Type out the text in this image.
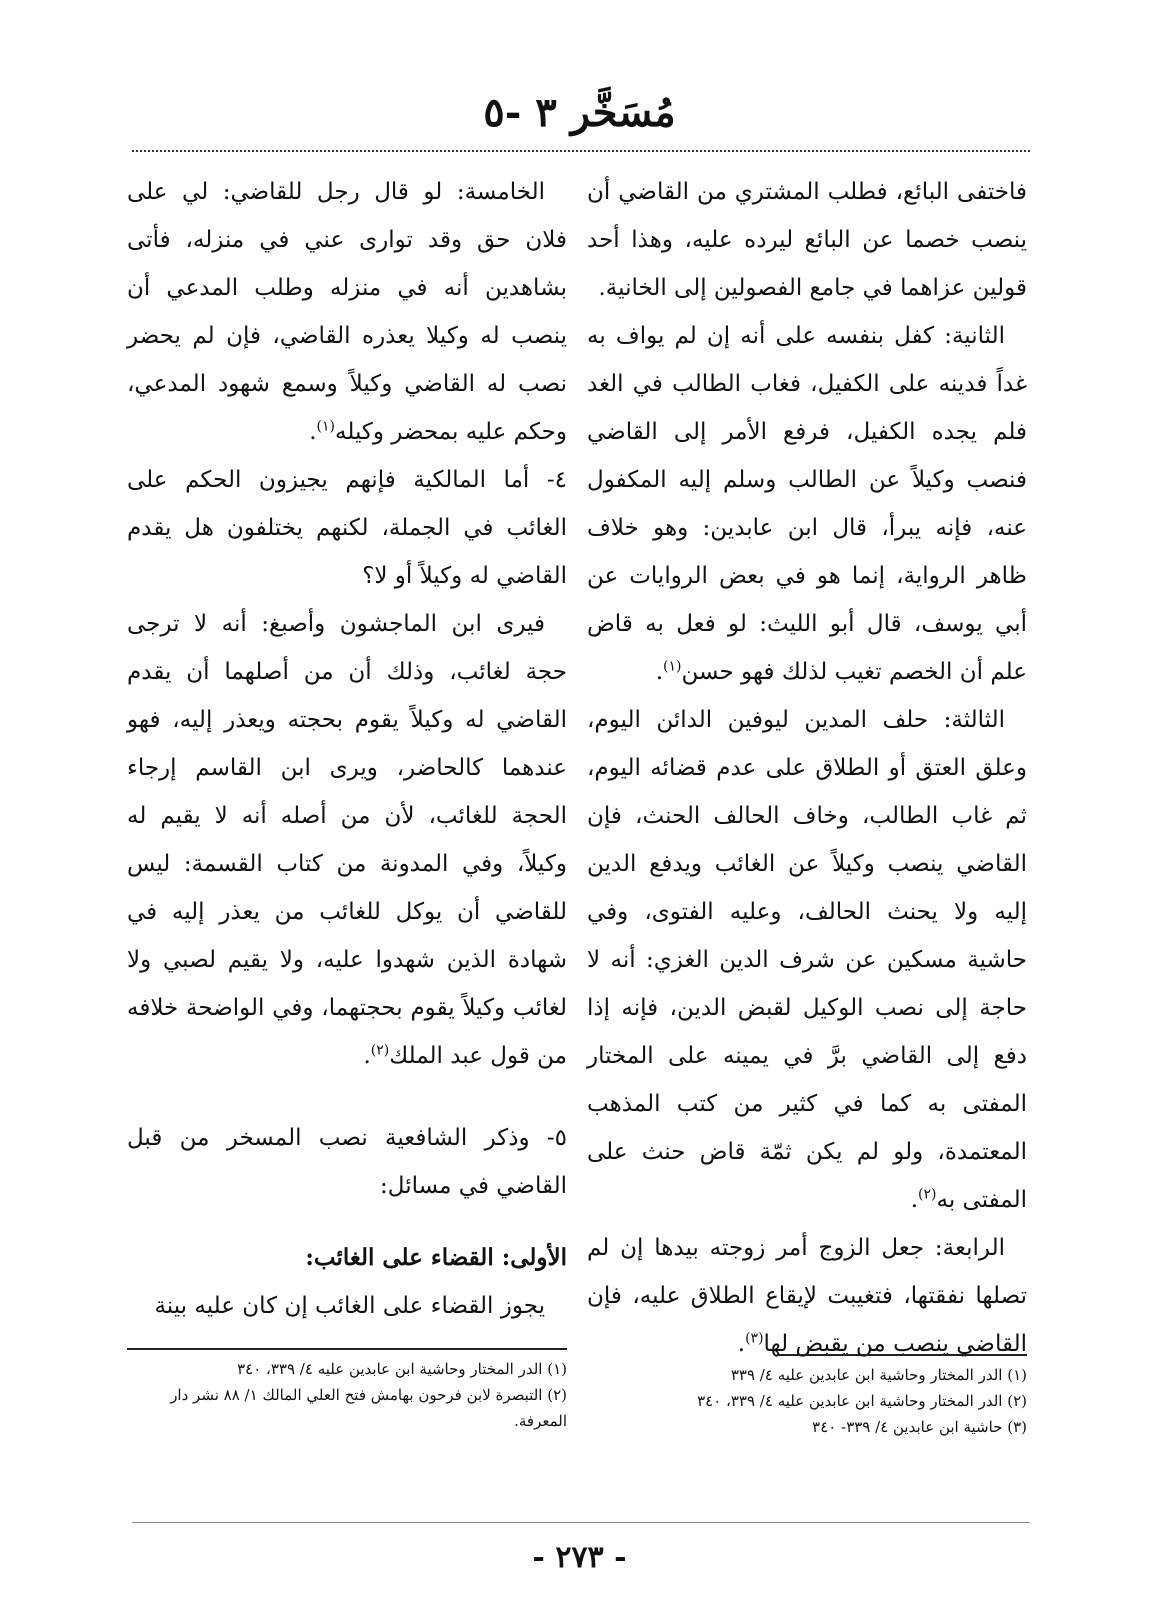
مُسَخَّر ٣ -٥

فاختفى البائع، فطلب المشتري من القاضي أن ينصب خصما عن البائع ليرده عليه، وهذا أحد قولين عزاهما في جامع الفصولين إلى الخانية.

الثانية: كفل بنفسه على أنه إن لم يواف به غداً فدينه على الكفيل، فغاب الطالب في الغد فلم يجده الكفيل، فرفع الأمر إلى القاضي فنصب وكيلاً عن الطالب وسلم إليه المكفول عنه، فإنه يبرأ، قال ابن عابدين: وهو خلاف ظاهر الرواية، إنما هو في بعض الروايات عن أبي يوسف، قال أبو الليث: لو فعل به قاض علم أن الخصم تغيب لذلك فهو حسن$^{(١)}$.

الثالثة: حلف المدين ليوفين الدائن اليوم، وعلق العتق أو الطلاق على عدم قضائه اليوم، ثم غاب الطالب، وخاف الحالف الحنث، فإن القاضي ينصب وكيلاً عن الغائب ويدفع الدين إليه ولا يحنث الحالف، وعليه الفتوى، وفي حاشية مسكين عن شرف الدين الغزي: أنه لا حاجة إلى نصب الوكيل لقبض الدين، فإنه إذا دفع إلى القاضي برَّ في يمينه على المختار المفتى به كما في كثير من كتب المذهب المعتمدة، ولو لم يكن ثمّة قاض حنث على المفتى به$^{(٢)}$.

الرابعة: جعل الزوج أمر زوجته بيدها إن لم تصلها نفقتها، فتغيبت لإيقاع الطلاق عليه، فإن القاضي ينصب من يقبض لها$^{(٣)}$.

الخامسة: لو قال رجل للقاضي: لي على فلان حق وقد توارى عني في منزله، فأتى بشاهدين أنه في منزله وطلب المدعي أن ينصب له وكيلا يعذره القاضي، فإن لم يحضر نصب له القاضي وكيلاً وسمع شهود المدعي، وحكم عليه بمحضر وكيله$^{(١)}$.

٤- أما المالكية فإنهم يجيزون الحكم على الغائب في الجملة، لكنهم يختلفون هل يقدم القاضي له وكيلاً أو لا؟

فيرى ابن الماجشون وأصبغ: أنه لا ترجى حجة لغائب، وذلك أن من أصلهما أن يقدم القاضي له وكيلاً يقوم بحجته ويعذر إليه، فهو عندهما كالحاضر، ويرى ابن القاسم إرجاء الحجة للغائب، لأن من أصله أنه لا يقيم له وكيلاً، وفي المدونة من كتاب القسمة: ليس للقاضي أن يوكل للغائب من يعذر إليه في شهادة الذين شهدوا عليه، ولا يقيم لصبي ولا لغائب وكيلاً يقوم بحجتهما، وفي الواضحة خلافه من قول عبد الملك$^{(٢)}$.

٥- وذكر الشافعية نصب المسخر من قبل القاضي في مسائل:

الأولى: القضاء على الغائب:

يجوز القضاء على الغائب إن كان عليه بينة

(١) الدر المختار وحاشية ابن عابدين عليه ٤/ ٣٣٩

(٢) الدر المختار وحاشية ابن عابدين عليه ٤/ ٣٣٩، ٣٤٠

(٣) حاشية ابن عابدين ٤/ ٣٣٩- ٣٤٠

(١) الدر المختار وحاشية ابن عابدين عليه ٤/ ٣٣٩، ٣٤٠

(٢) التبصرة لابن فرحون بهامش فتح العلي المالك ١/ ٨٨ نشر دار المعرفة.

- ٢٧٣ -
